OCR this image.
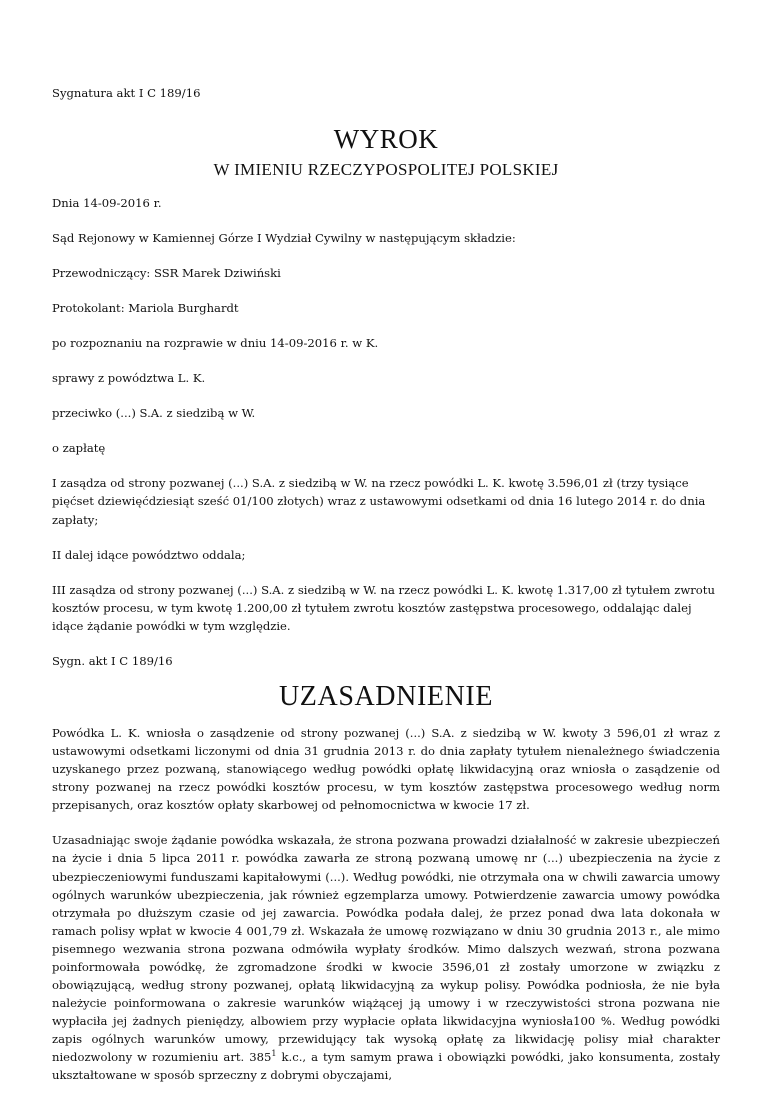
Sygnatura akt I C 189/16

WYROK
W IMIENIU RZECZYPOSPOLITEJ POLSKIEJ

Dnia 14-09-2016 r.

Sąd Rejonowy w Kamiennej Górze I Wydział Cywilny w następującym składzie:

Przewodniczący: SSR Marek Dziwiński

Protokolant: Mariola Burghardt

po rozpoznaniu na rozprawie w dniu 14-09-2016 r. w K.

sprawy z powództwa L. K.

przeciwko (...) S.A. z siedzibą w W.

o zapłatę

I zasądza od strony pozwanej (...) S.A. z siedzibą w W. na rzecz powódki L. K. kwotę 3.596,01 zł (trzy tysiące pięćset dziewięćdziesiąt sześć 01/100 złotych) wraz z ustawowymi odsetkami od dnia 16 lutego 2014 r. do dnia zapłaty;

II dalej idące powództwo oddala;

III zasądza od strony pozwanej (...) S.A. z siedzibą w W. na rzecz powódki L. K. kwotę 1.317,00 zł tytułem zwrotu kosztów procesu, w tym kwotę 1.200,00 zł tytułem zwrotu kosztów zastępstwa procesowego, oddalając dalej idące żądanie powódki w tym względzie.

Sygn. akt I C 189/16

UZASADNIENIE

Powódka L. K. wniosła o zasądzenie od strony pozwanej (...) S.A. z siedzibą w W. kwoty 3 596,01 zł wraz z ustawowymi odsetkami liczonymi od dnia 31 grudnia 2013 r. do dnia zapłaty tytułem nienależnego świadczenia uzyskanego przez pozwaną, stanowiącego według powódki opłatę likwidacyjną oraz wniosła o zasądzenie od strony pozwanej na rzecz powódki kosztów procesu, w tym kosztów zastępstwa procesowego według norm przepisanych, oraz kosztów opłaty skarbowej od pełnomocnictwa w kwocie 17 zł.

Uzasadniając swoje żądanie powódka wskazała, że strona pozwana prowadzi działalność w zakresie ubezpieczeń na życie i dnia 5 lipca 2011 r. powódka zawarła ze stroną pozwaną umowę nr (...) ubezpieczenia na życie z ubezpieczeniowymi funduszami kapitałowymi (...). Według powódki, nie otrzymała ona w chwili zawarcia umowy ogólnych warunków ubezpieczenia, jak również egzemplarza umowy. Potwierdzenie zawarcia umowy powódka otrzymała po dłuższym czasie od jej zawarcia. Powódka podała dalej, że przez ponad dwa lata dokonała w ramach polisy wpłat w kwocie 4 001,79 zł. Wskazała że umowę rozwiązano w dniu 30 grudnia 2013 r., ale mimo pisemnego wezwania strona pozwana odmówiła wypłaty środków. Mimo dalszych wezwań, strona pozwana poinformowała powódkę, że zgromadzone środki w kwocie 3596,01 zł zostały umorzone w związku z obowiązującą, według strony pozwanej, opłatą likwidacyjną za wykup polisy. Powódka podniosła, że nie była należycie poinformowana o zakresie warunków wiążącej ją umowy i w rzeczywistości strona pozwana nie wypłaciła jej żadnych pieniędzy, albowiem przy wypłacie opłata likwidacyjna wyniosła100 %. Według powódki zapis ogólnych warunków umowy, przewidujący tak wysoką opłatę za likwidację polisy miał charakter niedozwolony w rozumieniu art. $385^1$ k.c., a tym samym prawa i obowiązki powódki, jako konsumenta, zostały ukształtowane w sposób sprzeczny z dobrymi obyczajami,
